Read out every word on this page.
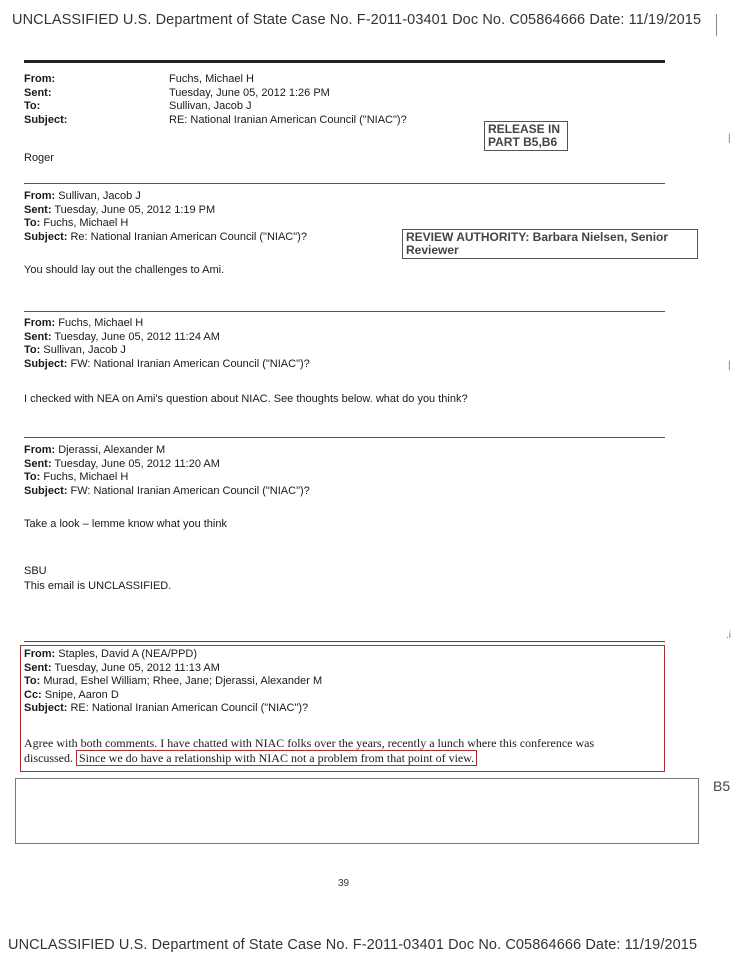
UNCLASSIFIED U.S. Department of State Case No. F-2011-03401 Doc No. C05864666 Date: 11/19/2015
From:	Fuchs, Michael H
Sent:	Tuesday, June 05, 2012 1:26 PM
To:	Sullivan, Jacob J
Subject:	RE: National Iranian American Council ("NIAC")?
RELEASE IN
PART B5,B6
Roger
From: Sullivan, Jacob J
Sent: Tuesday, June 05, 2012 1:19 PM
To: Fuchs, Michael H
Subject: Re: National Iranian American Council ("NIAC")?	REVIEW AUTHORITY: Barbara Nielsen, Senior
Reviewer
You should lay out the challenges to Ami.
From: Fuchs, Michael H
Sent: Tuesday, June 05, 2012 11:24 AM
To: Sullivan, Jacob J
Subject: FW: National Iranian American Council ("NIAC")?
I checked with NEA on Ami's question about NIAC. See thoughts below. what do you think?
From: Djerassi, Alexander M
Sent: Tuesday, June 05, 2012 11:20 AM
To: Fuchs, Michael H
Subject: FW: National Iranian American Council ("NIAC")?
Take a look – lemme know what you think
SBU
This email is UNCLASSIFIED.
From: Staples, David A (NEA/PPD)
Sent: Tuesday, June 05, 2012 11:13 AM
To: Murad, Eshel William; Rhee, Jane; Djerassi, Alexander M
Cc: Snipe, Aaron D
Subject: RE: National Iranian American Council ("NIAC")?
Agree with both comments. I have chatted with NIAC folks over the years, recently a lunch where this conference was
discussed. Since we do have a relationship with NIAC not a problem from that point of view.
B5
39
UNCLASSIFIED U.S. Department of State Case No. F-2011-03401 Doc No. C05864666 Date: 11/19/2015
|
|
.i
